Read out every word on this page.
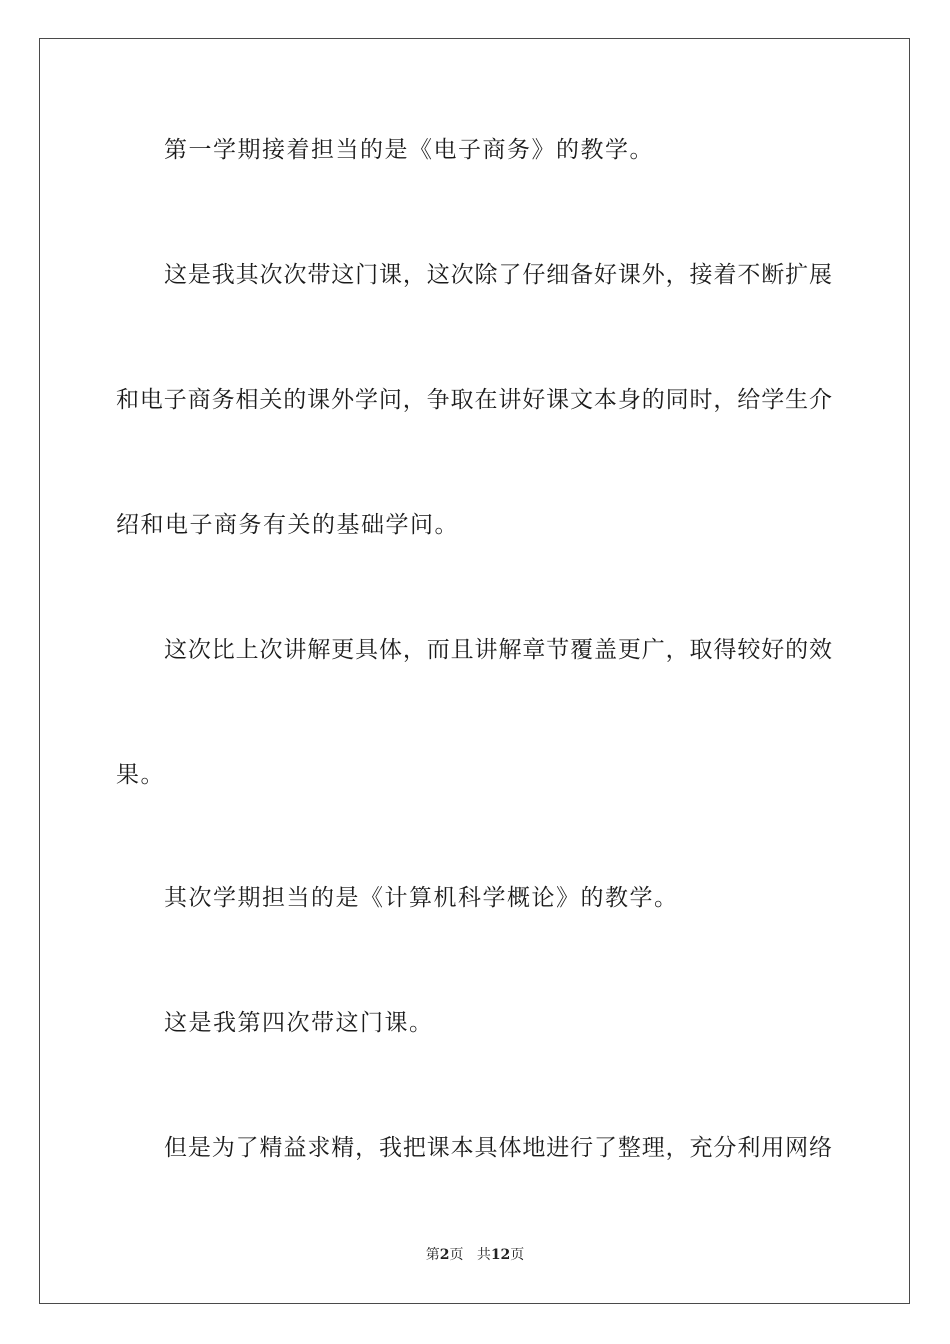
第一学期接着担当的是《电子商务》的教学。

这是我其次次带这门课，这次除了仔细备好课外，接着不断扩展

和电子商务相关的课外学问，争取在讲好课文本身的同时，给学生介

绍和电子商务有关的基础学问。

这次比上次讲解更具体，而且讲解章节覆盖更广，取得较好的效

果。

其次学期担当的是《计算机科学概论》的教学。

这是我第四次带这门课。

但是为了精益求精，我把课本具体地进行了整理，充分利用网络

第2页 共12页
